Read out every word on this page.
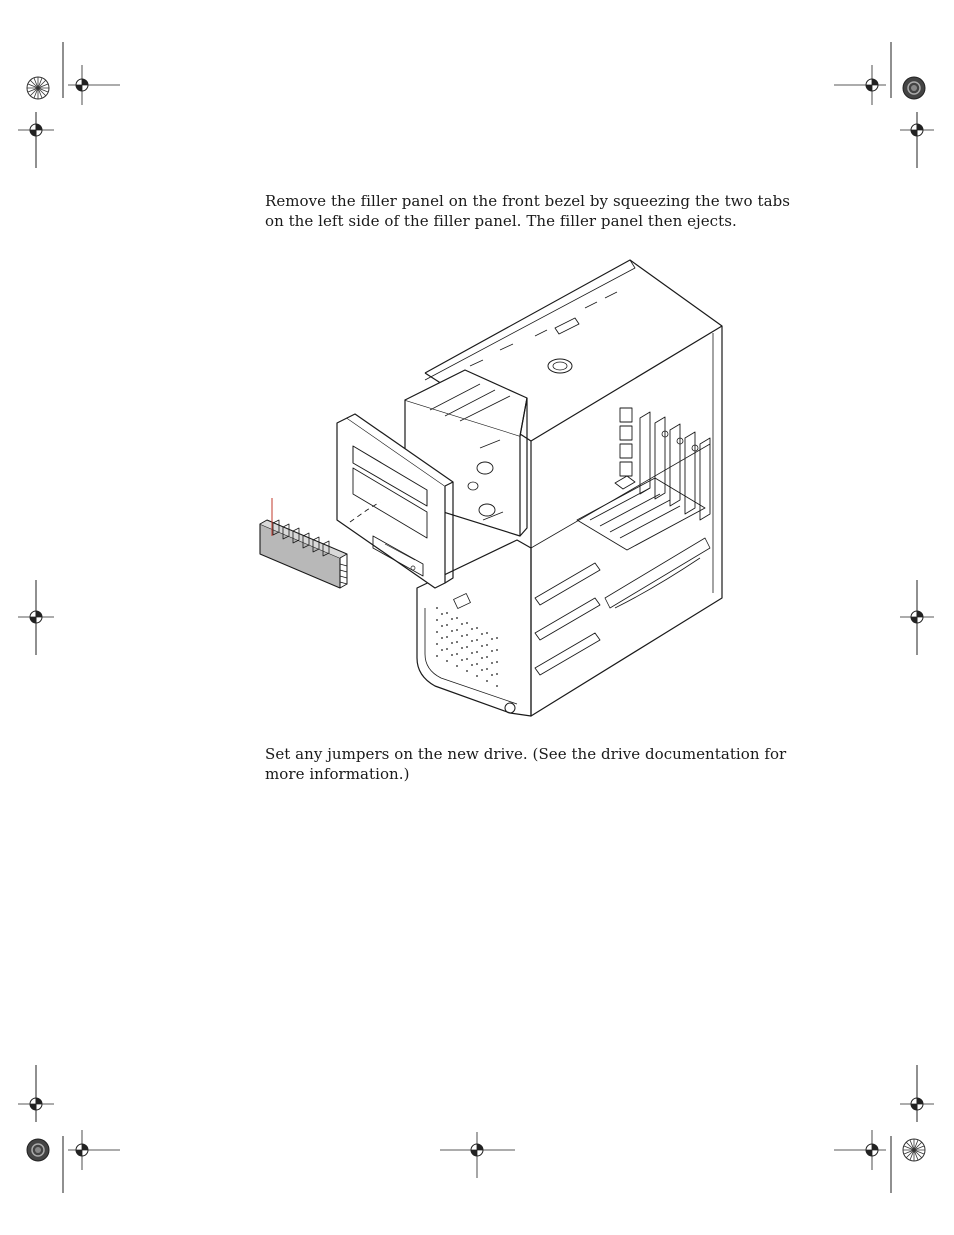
Remove the filler panel on the front bezel by squeezing the two tabs on the left side of the filler panel. The filler panel then ejects.

Set any jumpers on the new drive. (See the drive documentation for more information.)
